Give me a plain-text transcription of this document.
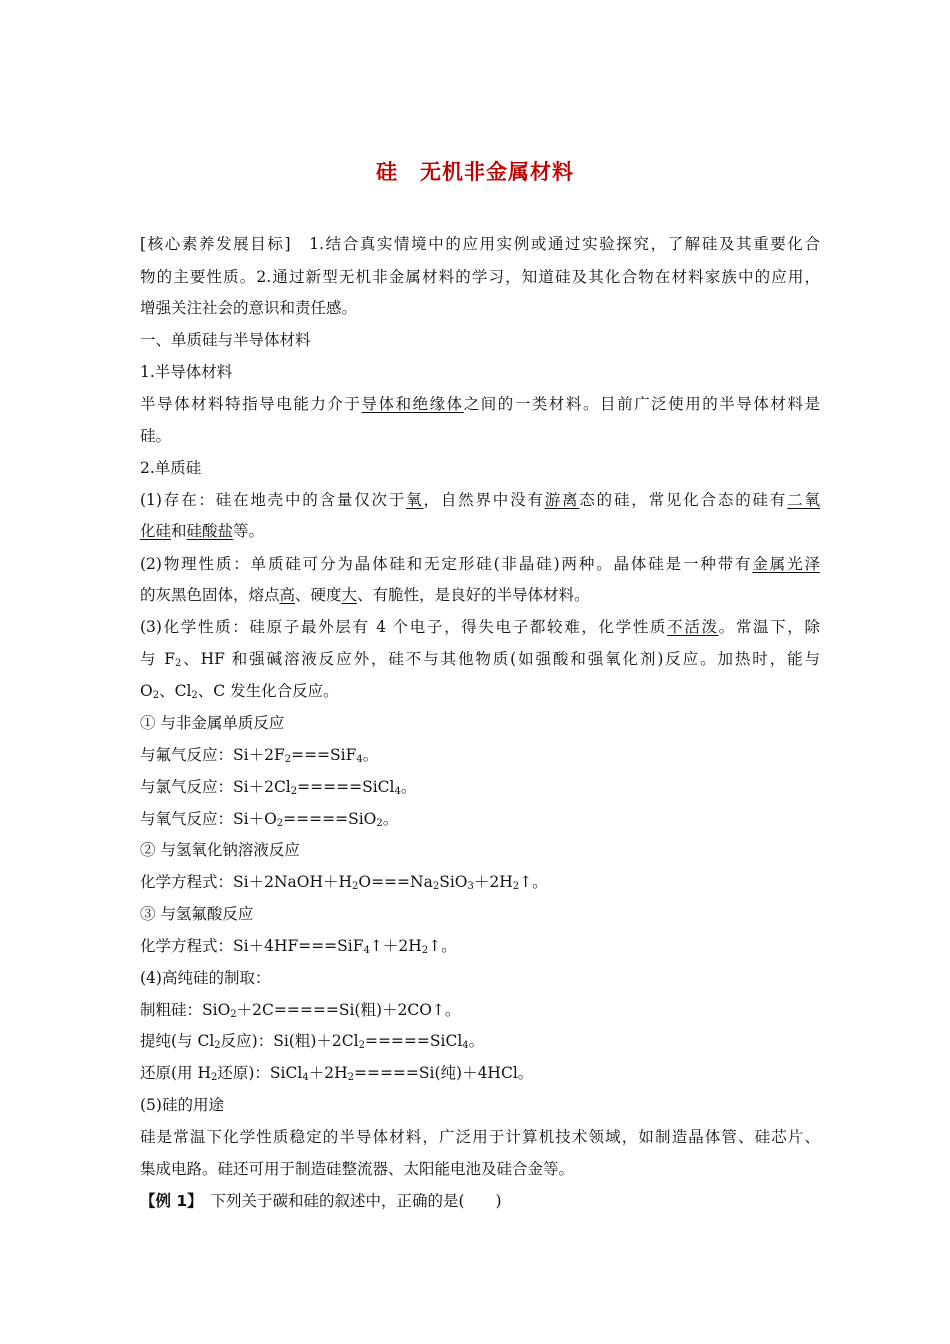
硅 无机非金属材料
[核心素养发展目标]　1.结合真实情境中的应用实例或通过实验探究，了解硅及其重要化合
物的主要性质。2.通过新型无机非金属材料的学习，知道硅及其化合物在材料家族中的应用，
增强关注社会的意识和责任感。
一、单质硅与半导体材料
1.半导体材料
半导体材料特指导电能力介于导体和绝缘体之间的一类材料。目前广泛使用的半导体材料是
硅。
2.单质硅
(1)存在：硅在地壳中的含量仅次于氧，自然界中没有游离态的硅，常见化合态的硅有二氧
化硅和硅酸盐等。
(2)物理性质：单质硅可分为晶体硅和无定形硅(非晶硅)两种。晶体硅是一种带有金属光泽
的灰黑色固体，熔点高、硬度大、有脆性，是良好的半导体材料。
(3)化学性质：硅原子最外层有 4 个电子，得失电子都较难，化学性质不活泼。常温下，除
与 $F_2$、HF 和强碱溶液反应外，硅不与其他物质(如强酸和强氧化剂)反应。加热时，能与
$O_2$、$Cl_2$、C 发生化合反应。
① 与非金属单质反应
与氟气反应：$Si+2F_2===SiF_4$。
与氯气反应：$Si+2Cl_2=====SiCl_4$。
与氧气反应：$Si+O_2=====SiO_2$。
② 与氢氧化钠溶液反应
化学方程式：$Si+2NaOH+H_2O===Na_2SiO_3+2H_2↑$。
③ 与氢氟酸反应
化学方程式：$Si+4HF===SiF_4↑+2H_2↑$。
(4)高纯硅的制取：
制粗硅：SiO$_2$＋2C=====Si(粗)＋2CO↑。
提纯(与 $Cl_2$反应)：Si(粗)$+2Cl_2=====SiCl_4$。
还原(用 $H_2$还原)：$SiCl_4+2H_2=====Si$(纯)＋4HCl。
(5)硅的用途
硅是常温下化学性质稳定的半导体材料，广泛用于计算机技术领域，如制造晶体管、硅芯片、
集成电路。硅还可用于制造硅整流器、太阳能电池及硅合金等。
【例 1】　下列关于碳和硅的叙述中，正确的是(　　)
